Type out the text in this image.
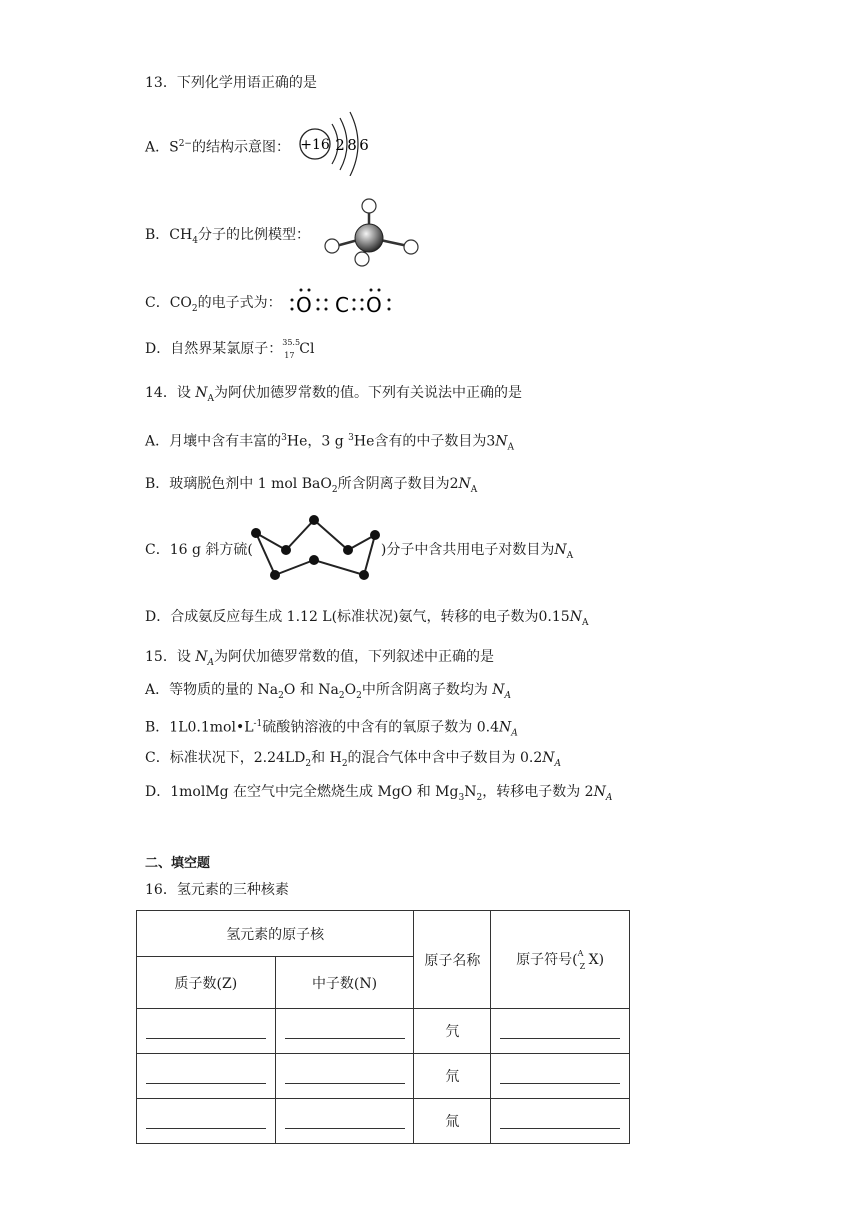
13．下列化学用语正确的是
A．$S^{2-}$的结构示意图： +16 2 8 6
B．$CH_4$分子的比例模型：
C．$CO_2$的电子式为： O C O
D．自然界某氯原子： 35.5
17 Cl
14．设 $N_A$为阿伏加德罗常数的值。下列有关说法中正确的是
A．月壤中含有丰富的$^3$He，3 g $^3$He含有的中子数目为$3N_A$
B．玻璃脱色剂中 1 mol BaO$_2$所含阴离子数目为$2N_A$
C．16 g 斜方硫(	)分子中含共用电子对数目为$N_A$
D．合成氨反应每生成 1.12 L(标准状况)氨气，转移的电子数为$0.15N_A$
15．设 $N_A$为阿伏加德罗常数的值，下列叙述中正确的是
A．等物质的量的 $Na_2O$ 和 $Na_2O_2$中所含阴离子数均为 $N_A$
B．$1L0.1mol•L^{-1}$硫酸钠溶液的中含有的氧原子数为 $0.4N_A$
C．标准状况下，$2.24LD_2$和 $H_2$的混合气体中含中子数目为 $0.2N_A$
D．1molMg 在空气中完全燃烧生成 MgO 和 $Mg_3N_2$，转移电子数为 $2N_A$
二、填空题
16．氢元素的三种核素
氢元素的原子核		原子名称	原子符号( A
Z X)
质子数(Z)	中子数(N)		
		氕	
		氘	
		氚	
